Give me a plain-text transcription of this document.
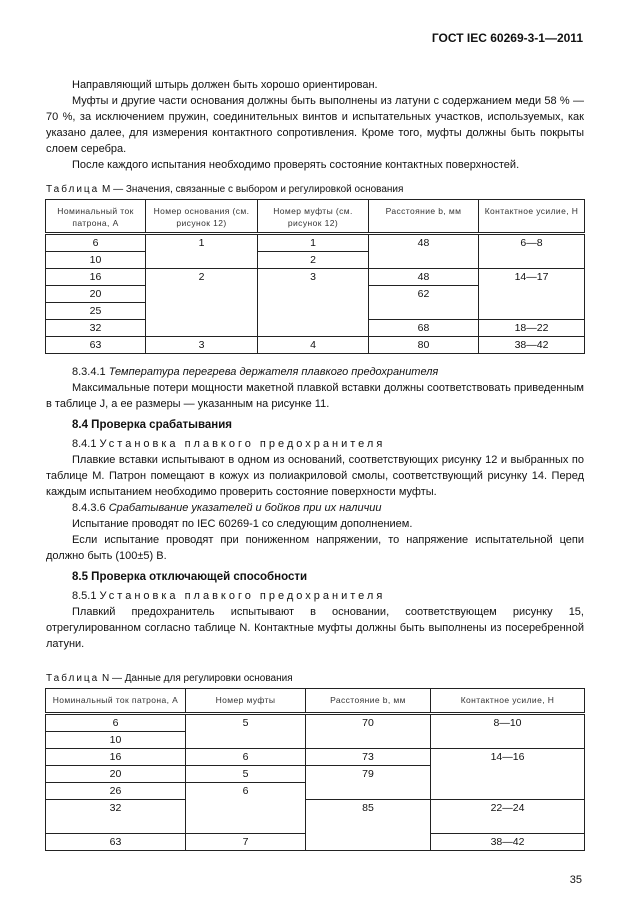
ГОСТ IEC 60269-3-1—2011

Направляющий штырь должен быть хорошо ориентирован.

Муфты и другие части основания должны быть выполнены из латуни с содержанием меди 58 % — 70 %, за исключением пружин, соединительных винтов и испытательных участков, используемых, как указано далее, для измерения контактного сопротивления. Кроме того, муфты должны быть покрыты слоем серебра.

После каждого испытания необходимо проверять состояние контактных поверхностей.

Таблица M — Значения, связанные с выбором и регулировкой основания
Номинальный ток патрона, А	Номер основания (см. рисунок 12)	Номер муфты (см. рисунок 12)	Расстояние b, мм	Контактное усилие, Н
6	1	1	48	6—8
10		2		
16	2	3	48	14—17
20			62	
25				
32			68	18—22
63	3	4	80	38—42

8.3.4.1 Температура перегрева держателя плавкого предохранителя

Максимальные потери мощности макетной плавкой вставки должны соответствовать приведенным в таблице J, а ее размеры — указанным на рисунке 11.

8.4 Проверка срабатывания

8.4.1 Установка плавкого предохранителя

Плавкие вставки испытывают в одном из оснований, соответствующих рисунку 12 и выбранных по таблице М. Патрон помещают в кожух из полиакриловой смолы, соответствующий рисунку 14. Перед каждым испытанием необходимо проверить состояние поверхности муфты.

8.4.3.6 Срабатывание указателей и бойков при их наличии

Испытание проводят по IEC 60269-1 со следующим дополнением.

Если испытание проводят при пониженном напряжении, то напряжение испытательной цепи должно быть (100±5) В.

8.5 Проверка отключающей способности

8.5.1 Установка плавкого предохранителя

Плавкий предохранитель испытывают в основании, соответствующем рисунку 15, отрегулированном согласно таблице N. Контактные муфты должны быть выполнены из посеребренной латуни.

Таблица N — Данные для регулировки основания
Номинальный ток патрона, А	Номер муфты	Расстояние b, мм	Контактное усилие, Н
6	5	70	8—10
10			
16	6	73	14—16
20	5	79	
26	6		
32		85	22—24
63	7		38—42
35
